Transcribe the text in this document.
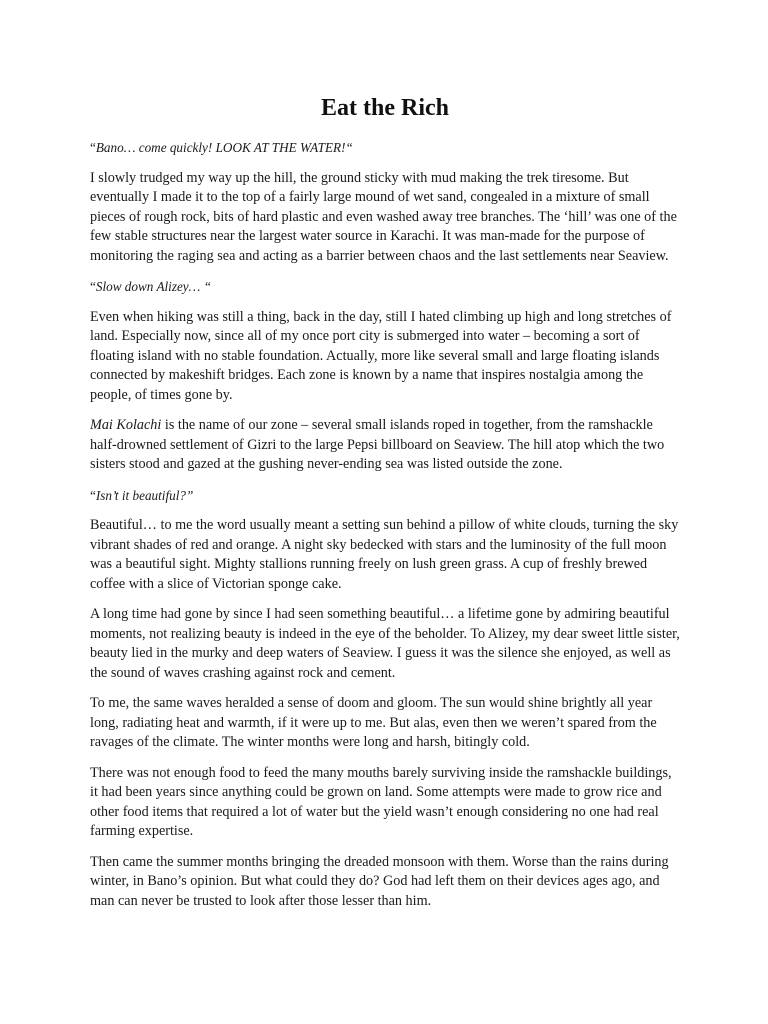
Eat the Rich

“Bano… come quickly! LOOK AT THE WATER!“

I slowly trudged my way up the hill, the ground sticky with mud making the trek tiresome. But eventually I made it to the top of a fairly large mound of wet sand, congealed in a mixture of small pieces of rough rock, bits of hard plastic and even washed away tree branches. The ‘hill’ was one of the few stable structures near the largest water source in Karachi. It was man-made for the purpose of monitoring the raging sea and acting as a barrier between chaos and the last settlements near Seaview.

“Slow down Alizey… “

Even when hiking was still a thing, back in the day, still I hated climbing up high and long stretches of land. Especially now, since all of my once port city is submerged into water – becoming a sort of floating island with no stable foundation. Actually, more like several small and large floating islands connected by makeshift bridges. Each zone is known by a name that inspires nostalgia among the people, of times gone by.

Mai Kolachi is the name of our zone – several small islands roped in together, from the ramshackle half-drowned settlement of Gizri to the large Pepsi billboard on Seaview. The hill atop which the two sisters stood and gazed at the gushing never-ending sea was listed outside the zone.

“Isn’t it beautiful?”

Beautiful… to me the word usually meant a setting sun behind a pillow of white clouds, turning the sky vibrant shades of red and orange. A night sky bedecked with stars and the luminosity of the full moon was a beautiful sight. Mighty stallions running freely on lush green grass. A cup of freshly brewed coffee with a slice of Victorian sponge cake.

A long time had gone by since I had seen something beautiful… a lifetime gone by admiring beautiful moments, not realizing beauty is indeed in the eye of the beholder. To Alizey, my dear sweet little sister, beauty lied in the murky and deep waters of Seaview. I guess it was the silence she enjoyed, as well as the sound of waves crashing against rock and cement.

To me, the same waves heralded a sense of doom and gloom. The sun would shine brightly all year long, radiating heat and warmth, if it were up to me. But alas, even then we weren’t spared from the ravages of the climate. The winter months were long and harsh, bitingly cold.

There was not enough food to feed the many mouths barely surviving inside the ramshackle buildings, it had been years since anything could be grown on land. Some attempts were made to grow rice and other food items that required a lot of water but the yield wasn’t enough considering no one had real farming expertise.

Then came the summer months bringing the dreaded monsoon with them. Worse than the rains during winter, in Bano’s opinion. But what could they do? God had left them on their devices ages ago, and man can never be trusted to look after those lesser than him.
